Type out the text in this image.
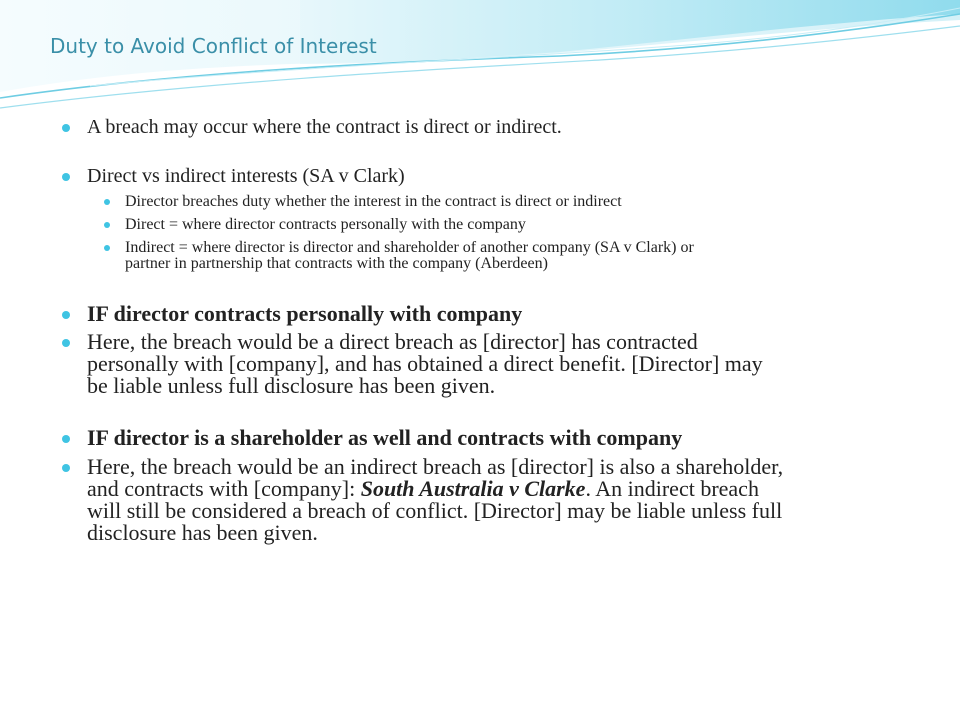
Duty to Avoid Conflict of Interest
A breach may occur where the contract is direct or indirect.
Direct vs indirect interests (SA v Clark)
Director breaches duty whether the interest in the contract is direct or indirect
Direct = where director contracts personally with the company
Indirect = where director is director and shareholder of another company (SA v Clark) or
partner in partnership that contracts with the company (Aberdeen)
IF director contracts personally with company
Here, the breach would be a direct breach as [director] has contracted
personally with [company], and has obtained a direct benefit. [Director] may
be liable unless full disclosure has been given.
IF director is a shareholder as well and contracts with company
Here, the breach would be an indirect breach as [director] is also a shareholder,
and contracts with [company]: South Australia v Clarke. An indirect breach
will still be considered a breach of conflict. [Director] may be liable unless full
disclosure has been given.
